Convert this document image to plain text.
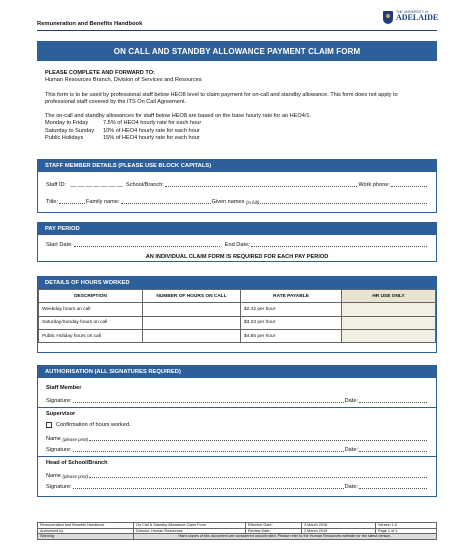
Remuneration and Benefits Handbook
THE UNIVERSITY of
ADELAIDE
ON CALL AND STANDBY ALLOWANCE PAYMENT CLAIM FORM
PLEASE COMPLETE AND FORWARD TO:
Human Resources Branch, Division of Services and Resources
This form is to be used by professional staff below HEO8 level to claim payment for on-call and standby allowance. This form does not apply to professional staff covered by the ITS On Call Agreement.
The on-call and standby allowances for staff below HEO8 are based on the base hourly rate for an HEO4/1.
Monday to Friday	7.5% of HEO4 hourly rate for each hour
Saturday to Sunday	10% of HEO4 hourly rate for each hour
Public Holidays	15% of HEO4 hourly rate for each hour
STAFF MEMBER DETAILS (PLEASE USE BLOCK CAPITALS)
Staff ID: __ __ __ __ __ __ __ School/Branch:	Work phone:
Title:	Family name:	Given names
(in full)
PAY PERIOD
Start Date:	End Date:
AN INDIVIDUAL CLAIM FORM IS REQUIRED FOR EACH PAY PERIOD
DETAILS OF HOURS WORKED
DESCRIPTION	NUMBER OF HOURS ON CALL	RATE PAYABLE	HR USE ONLY
Weekday hours on call		$2.42 per hour	
Saturday/Sunday hours on call		$3.23 per hour	
Public Holiday hours on call		$4.85 per hour	
AUTHORISATION (ALL SIGNATURES REQUIRED)
Staff Member
Signature:	Date:
Supervisor
Confirmation of hours worked.
Name
(please print)
Signature:	Date:
Head of School/Branch
Name
(please print)
Signature:	Date:
Remuneration and Benefits Handbook	On Call & Standby Allowance Claim Form	Effective Date:	3 March 2018	Version 1.6
Authorised by	Director, Human Resources	Review Date:	2 March 2019	Page 1 of 1
Warning	Hard copies of this document are considered uncontrolled. Please refer to the Human Resources website for the latest version.			
